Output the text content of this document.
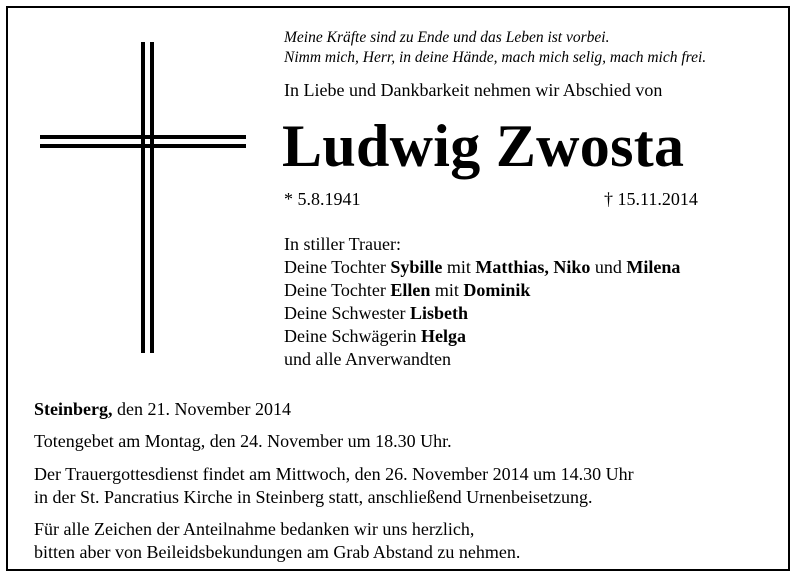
Meine Kräfte sind zu Ende und das Leben ist vorbei.
Nimm mich, Herr, in deine Hände, mach mich selig, mach mich frei.
In Liebe und Dankbarkeit nehmen wir Abschied von
Ludwig Zwosta
* 5.8.1941	† 15.11.2014
In stiller Trauer:
Deine Tochter Sybille mit Matthias, Niko und Milena
Deine Tochter Ellen mit Dominik
Deine Schwester Lisbeth
Deine Schwägerin Helga
und alle Anverwandten
Steinberg, den 21. November 2014
Totengebet am Montag, den 24. November um 18.30 Uhr.
Der Trauergottesdienst findet am Mittwoch, den 26. November 2014 um 14.30 Uhr
in der St. Pancratius Kirche in Steinberg statt, anschließend Urnenbeisetzung.
Für alle Zeichen der Anteilnahme bedanken wir uns herzlich,
bitten aber von Beileidsbekundungen am Grab Abstand zu nehmen.
